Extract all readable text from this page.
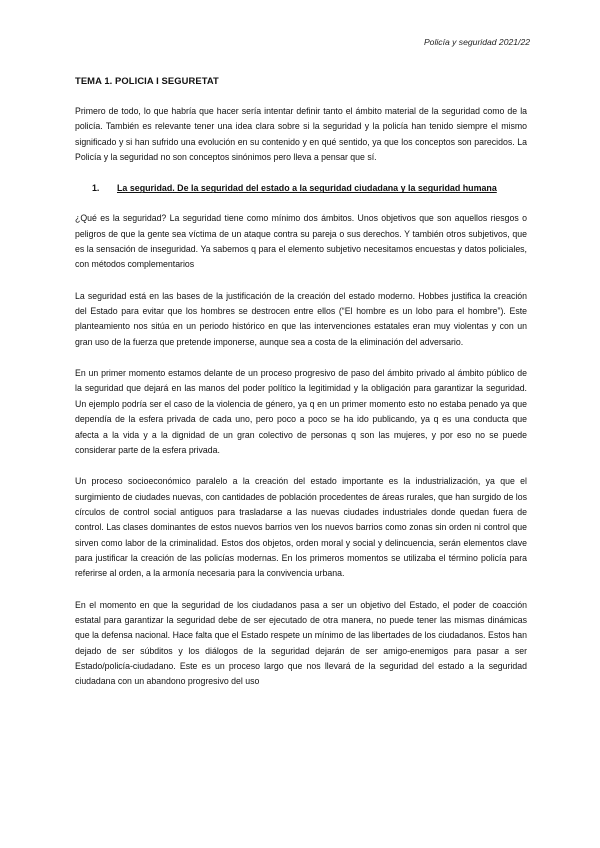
Policía y seguridad 2021/22
TEMA 1. POLICIA I SEGURETAT

Primero de todo, lo que habría que hacer sería intentar definir tanto el ámbito material de la seguridad como de la policía. También es relevante tener una idea clara sobre si la seguridad y la policía han tenido siempre el mismo significado y si han sufrido una evolución en su contenido y en qué sentido, ya que los conceptos son parecidos. La Policía y la seguridad no son conceptos sinónimos pero lleva a pensar que sí.

1.	La seguridad. De la seguridad del estado a la seguridad ciudadana y la seguridad humana

¿Qué es la seguridad? La seguridad tiene como mínimo dos ámbitos. Unos objetivos que son aquellos riesgos o peligros de que la gente sea víctima de un ataque contra su pareja o sus derechos. Y también otros subjetivos, que es la sensación de inseguridad. Ya sabemos q para el elemento subjetivo necesitamos encuestas y datos policiales, con métodos complementarios

La seguridad está en las bases de la justificación de la creación del estado moderno. Hobbes justifica la creación del Estado para evitar que los hombres se destrocen entre ellos (“El hombre es un lobo para el hombre”). Este planteamiento nos sitúa en un periodo histórico en que las intervenciones estatales eran muy violentas y con un gran uso de la fuerza que pretende imponerse, aunque sea a costa de la eliminación del adversario.

En un primer momento estamos delante de un proceso progresivo de paso del ámbito privado al ámbito público de la seguridad que dejará en las manos del poder político la legitimidad y la obligación para garantizar la seguridad. Un ejemplo podría ser el caso de la violencia de género, ya q en un primer momento esto no estaba penado ya que dependía de la esfera privada de cada uno, pero poco a poco se ha ido publicando, ya q es una conducta que afecta a la vida y a la dignidad de un gran colectivo de personas q son las mujeres, y por eso no se puede considerar parte de la esfera privada.

Un proceso socioeconómico paralelo a la creación del estado importante es la industrialización, ya que el surgimiento de ciudades nuevas, con cantidades de población procedentes de áreas rurales, que han surgido de los círculos de control social antiguos para trasladarse a las nuevas ciudades industriales donde quedan fuera de control. Las clases dominantes de estos nuevos barrios ven los nuevos barrios como zonas sin orden ni control que sirven como labor de la criminalidad. Estos dos objetos, orden moral y social y delincuencia, serán elementos clave para justificar la creación de las policías modernas. En los primeros momentos se utilizaba el término policía para referirse al orden, a la armonía necesaria para la convivencia urbana.

En el momento en que la seguridad de los ciudadanos pasa a ser un objetivo del Estado, el poder de coacción estatal para garantizar la seguridad debe de ser ejecutado de otra manera, no puede tener las mismas dinámicas que la defensa nacional. Hace falta que el Estado respete un mínimo de las libertades de los ciudadanos. Estos han dejado de ser súbditos y los diálogos de la seguridad dejarán de ser amigo-enemigos para pasar a ser Estado/policía-ciudadano. Este es un proceso largo que nos llevará de la seguridad del estado a la seguridad ciudadana con un abandono progresivo del uso
